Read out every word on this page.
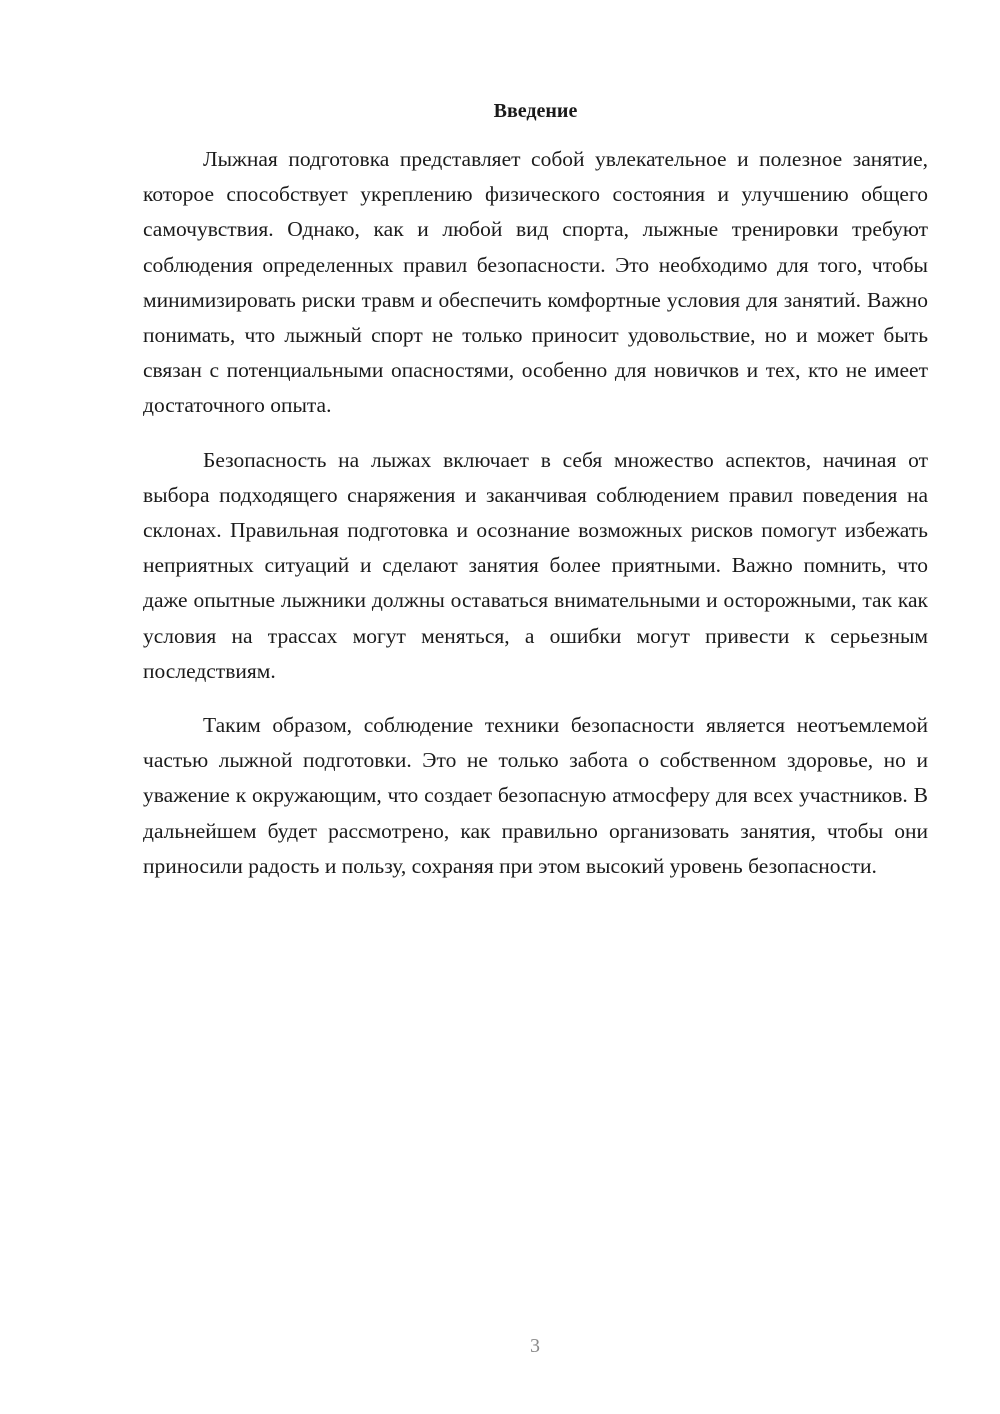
Введение

Лыжная подготовка представляет собой увлекательное и полезное занятие, которое способствует укреплению физического состояния и улучшению общего самочувствия. Однако, как и любой вид спорта, лыжные тренировки требуют соблюдения определенных правил безопасности. Это необходимо для того, чтобы минимизировать риски травм и обеспечить комфортные условия для занятий. Важно понимать, что лыжный спорт не только приносит удовольствие, но и может быть связан с потенциальными опасностями, особенно для новичков и тех, кто не имеет достаточного опыта.

Безопасность на лыжах включает в себя множество аспектов, начиная от выбора подходящего снаряжения и заканчивая соблюдением правил поведения на склонах. Правильная подготовка и осознание возможных рисков помогут избежать неприятных ситуаций и сделают занятия более приятными. Важно помнить, что даже опытные лыжники должны оставаться внимательными и осторожными, так как условия на трассах могут меняться, а ошибки могут привести к серьезным последствиям.

Таким образом, соблюдение техники безопасности является неотъемлемой частью лыжной подготовки. Это не только забота о собственном здоровье, но и уважение к окружающим, что создает безопасную атмосферу для всех участников. В дальнейшем будет рассмотрено, как правильно организовать занятия, чтобы они приносили радость и пользу, сохраняя при этом высокий уровень безопасности.

3
